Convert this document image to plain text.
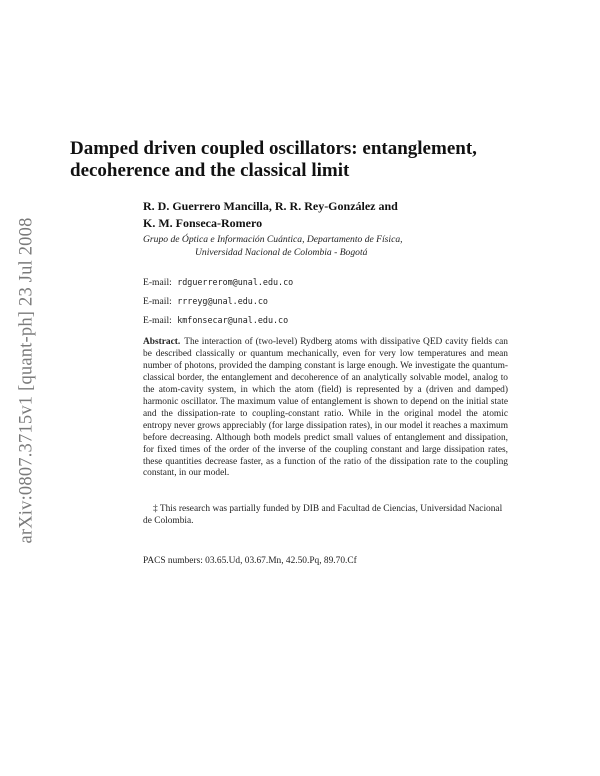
arXiv:0807.3715v1 [quant-ph] 23 Jul 2008
Damped driven coupled oscillators: entanglement,
decoherence and the classical limit
R. D. Guerrero Mancilla, R. R. Rey-González and
K. M. Fonseca-Romero
Grupo de Óptica e Información Cuántica, Departamento de Física,
Universidad Nacional de Colombia - Bogotá
E-mail: rdguerrerom@unal.edu.co
E-mail: rrreyg@unal.edu.co
E-mail: kmfonsecar@unal.edu.co

Abstract. The interaction of (two-level) Rydberg atoms with dissipative QED cavity fields can be described classically or quantum mechanically, even for very low temperatures and mean number of photons, provided the damping constant is large enough. We investigate the quantum-classical border, the entanglement and decoherence of an analytically solvable model, analog to the atom-cavity system, in which the atom (field) is represented by a (driven and damped) harmonic oscillator. The maximum value of entanglement is shown to depend on the initial state and the dissipation-rate to coupling-constant ratio. While in the original model the atomic entropy never grows appreciably (for large dissipation rates), in our model it reaches a maximum before decreasing. Although both models predict small values of entanglement and dissipation, for fixed times of the order of the inverse of the coupling constant and large dissipation rates, these quantities decrease faster, as a function of the ratio of the dissipation rate to the coupling constant, in our model.

‡ This research was partially funded by DIB and Facultad de Ciencias, Universidad Nacional de Colombia.

PACS numbers: 03.65.Ud, 03.67.Mn, 42.50.Pq, 89.70.Cf
